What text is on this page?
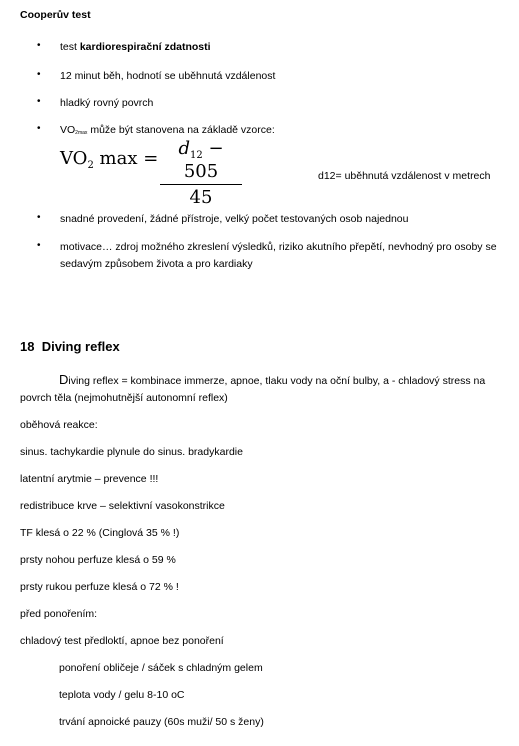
Cooperův test
• test kardiorespirační zdatnosti
• 12 minut běh, hodnotí se uběhnutá vzdálenost
• hladký rovný povrch
• VO2max může být stanovena na základě vzorce:
$VO_2$ max =	$d_{12} - 505$
45
d12= uběhnutá vzdálenost v metrech
• snadné provedení, žádné přístroje, velký počet testovaných osob najednou
• motivace… zdroj možného zkreslení výsledků, riziko akutního přepětí, nevhodný pro osoby se
sedavým způsobem života a pro kardiaky
18 Diving reflex
Diving reflex = kombinace immerze, apnoe, tlaku vody na oční bulby, a - chladový stress na
povrch těla (nejmohutnější autonomní reflex)
oběhová reakce:
sinus. tachykardie plynule do sinus. bradykardie
latentní arytmie – prevence !!!
redistribuce krve – selektivní vasokonstrikce
TF klesá o 22 % (Cinglová 35 % !)
prsty nohou perfuze klesá o 59 %
prsty rukou perfuze klesá o 72 % !
před ponořením:
chladový test předloktí, apnoe bez ponoření
ponoření obličeje / sáček s chladným gelem
teplota vody / gelu 8-10 oC
trvání apnoické pauzy (60s muži/ 50 s ženy)
